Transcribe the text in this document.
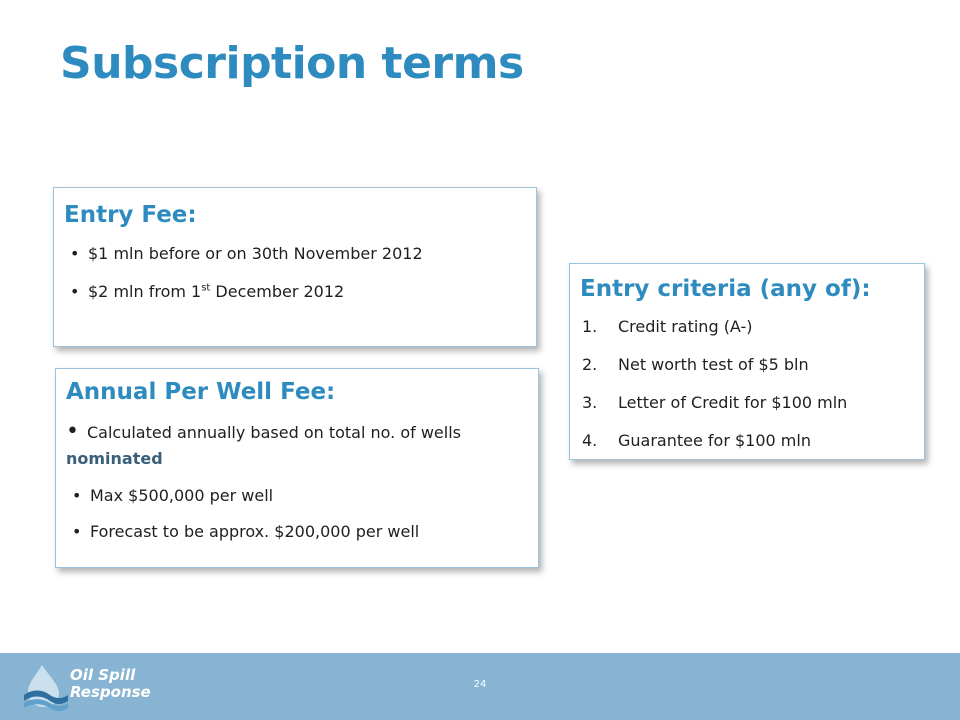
Subscription terms
Entry Fee:
• $1 mln before or on 30th November 2012
• $2 mln from 1st December 2012
Annual Per Well Fee:
• Calculated annually based on total no. of wells nominated
• Max $500,000 per well
• Forecast to be approx. $200,000 per well
Entry criteria (any of):
1. Credit rating (A-)
2. Net worth test of $5 bln
3. Letter of Credit for $100 mln
4. Guarantee for $100 mln
Oil Spill
Response	24
